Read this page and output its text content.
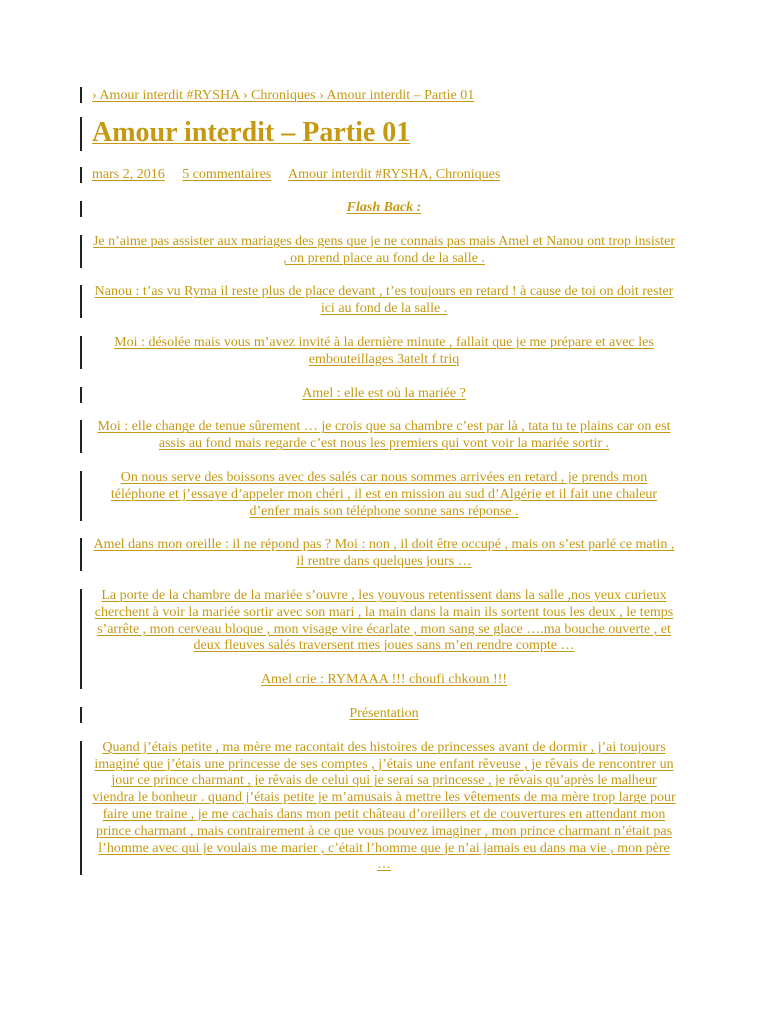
› Amour interdit #RYSHA › Chroniques › Amour interdit – Partie 01
Amour interdit – Partie 01
mars 2, 2016 5 commentaires Amour interdit #RYSHA, Chroniques
Flash Back :
Je n’aime pas assister aux mariages des gens que je ne connais pas mais Amel et Nanou ont trop insister , on prend place au fond de la salle .
Nanou : t’as vu Ryma il reste plus de place devant , t’es toujours en retard ! à cause de toi on doit rester ici au fond de la salle .
Moi : désolée mais vous m’avez invité à la dernière minute , fallait que je me prépare et avec les embouteillages 3atelt f triq
Amel : elle est où la mariée ?
Moi : elle change de tenue sûrement … je crois que sa chambre c’est par là , tata tu te plains car on est assis au fond mais regarde c’est nous les premiers qui vont voir la mariée sortir .
On nous serve des boissons avec des salés car nous sommes arrivées en retard , je prends mon téléphone et j’essaye d’appeler mon chéri , il est en mission au sud d’Algérie et il fait une chaleur d’enfer mais son téléphone sonne sans réponse .
Amel dans mon oreille : il ne répond pas ? Moi : non , il doit être occupé , mais on s’est parlé ce matin , il rentre dans quelques jours …
La porte de la chambre de la mariée s’ouvre , les youyous retentissent dans la salle ,nos yeux curieux cherchent à voir la mariée sortir avec son mari , la main dans la main ils sortent tous les deux , le temps s’arrête , mon cerveau bloque , mon visage vire écarlate , mon sang se glace ….ma bouche ouverte , et deux fleuves salés traversent mes joues sans m’en rendre compte …
Amel crie : RYMAAA !!! choufi chkoun !!!
Présentation
Quand j’étais petite , ma mère me racontait des histoires de princesses avant de dormir , j’ai toujours imaginé que j’étais une princesse de ses comptes , j’étais une enfant rêveuse , je rêvais de rencontrer un jour ce prince charmant , je rêvais de celui qui je serai sa princesse , je rêvais qu’après le malheur viendra le bonheur . quand j’étais petite je m’amusais à mettre les vêtements de ma mère trop large pour faire une traine , je me cachais dans mon petit château d’oreillers et de couvertures en attendant mon prince charmant , mais contrairement à ce que vous pouvez imaginer , mon prince charmant n’était pas l’homme avec qui je voulais me marier , c’était l’homme que je n’ai jamais eu dans ma vie , mon père …
